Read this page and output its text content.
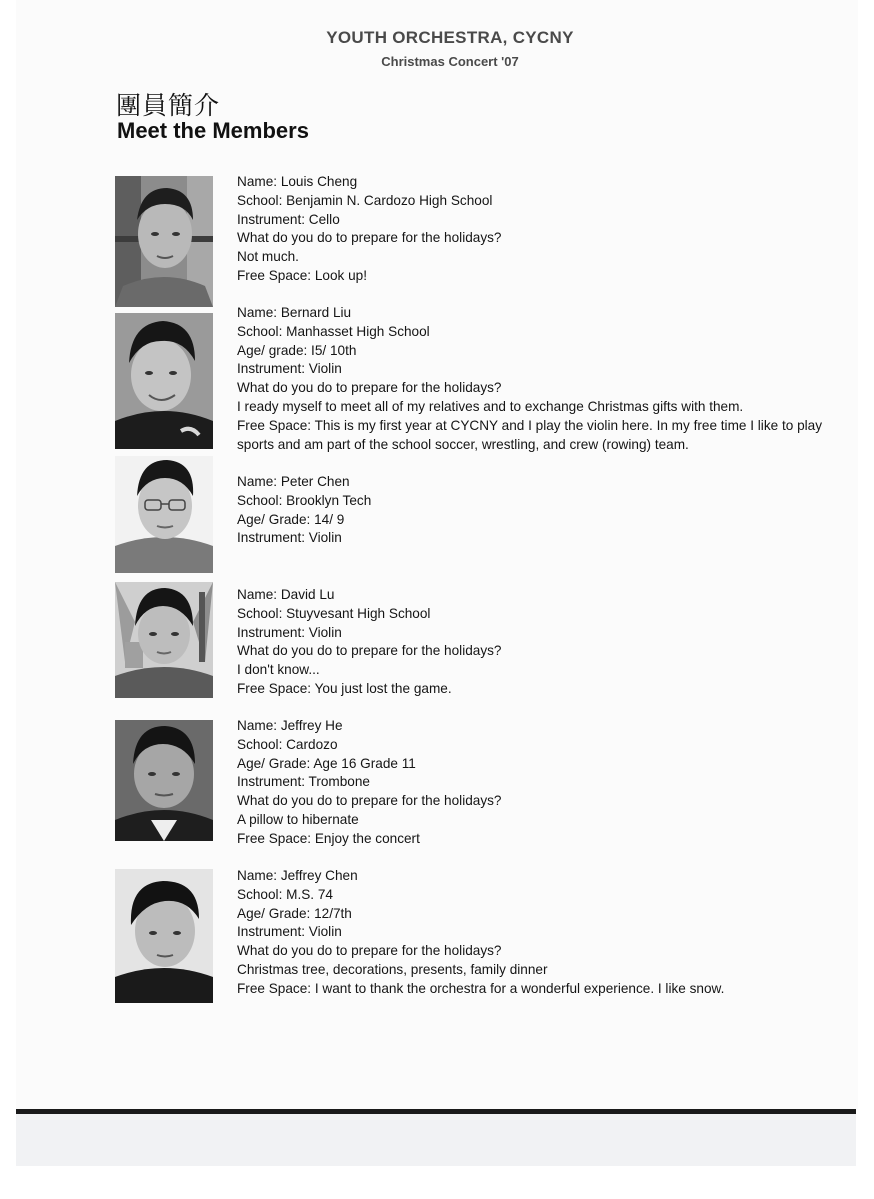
YOUTH ORCHESTRA, CYCNY
Christmas Concert '07
團員簡介
Meet the Members
Name: Louis Cheng
School: Benjamin N. Cardozo High School
Instrument: Cello
What do you do to prepare for the holidays?
Not much.
Free Space: Look up!
Name: Bernard Liu
School: Manhasset High School
Age/ grade: I5/ 10th
Instrument: Violin
What do you do to prepare for the holidays?
I ready myself to meet all of my relatives and to exchange Christmas gifts with them.
Free Space: This is my first year at CYCNY and I play the violin here. In my free time I like to play sports and am part of the school soccer, wrestling, and crew (rowing) team.
Name: Peter Chen
School: Brooklyn Tech
Age/ Grade: 14/ 9
Instrument: Violin
Name: David Lu
School: Stuyvesant High School
Instrument: Violin
What do you do to prepare for the holidays?
I don't know...
Free Space: You just lost the game.
Name: Jeffrey He
School: Cardozo
Age/ Grade: Age 16 Grade 11
Instrument: Trombone
What do you do to prepare for the holidays?
A pillow to hibernate
Free Space: Enjoy the concert
Name: Jeffrey Chen
School: M.S. 74
Age/ Grade: 12/7th
Instrument: Violin
What do you do to prepare for the holidays?
Christmas tree, decorations, presents, family dinner
Free Space: I want to thank the orchestra for a wonderful experience. I like snow.
